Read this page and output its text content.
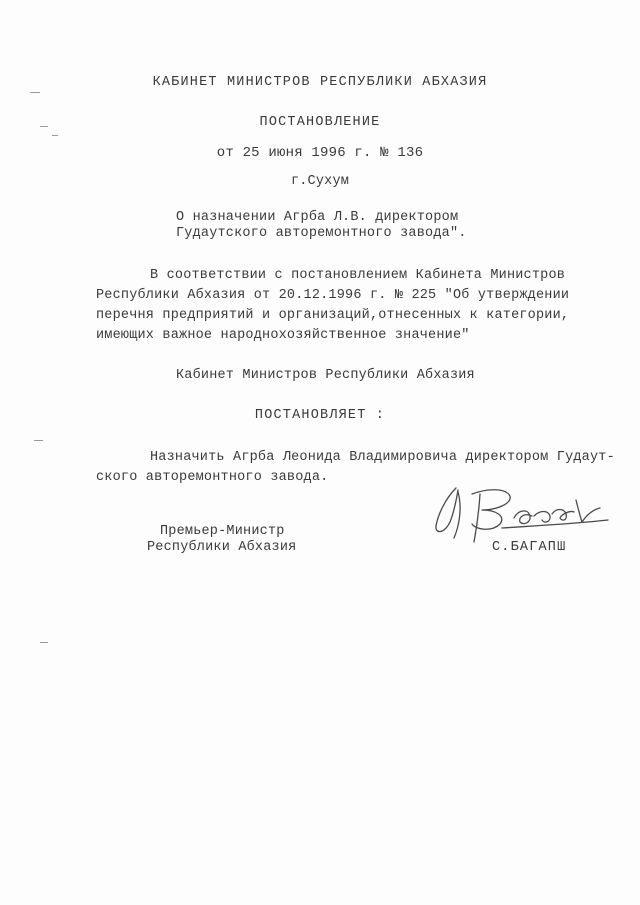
КАБИНЕТ МИНИСТРОВ РЕСПУБЛИКИ АБХАЗИЯ
ПОСТАНОВЛЕНИЕ
от 25 июня 1996 г. № 136
г.Сухум
О назначении Агрба Л.В. директором
Гудаутского авторемонтного завода".
В соответствии с постановлением Кабинета Министров
Республики Абхазия от 20.12.1996 г. № 225 "Об утверждении
перечня предприятий и организаций,отнесенных к категории,
имеющих важное народнохозяйственное значение"
Кабинет Министров Республики Абхазия
ПОСТАНОВЛЯЕТ :
Назначить Агрба Леонида Владимировича директором Гудаут-
ского авторемонтного завода.
Премьер-Министр
Республики Абхазия	С.БАГАПШ
